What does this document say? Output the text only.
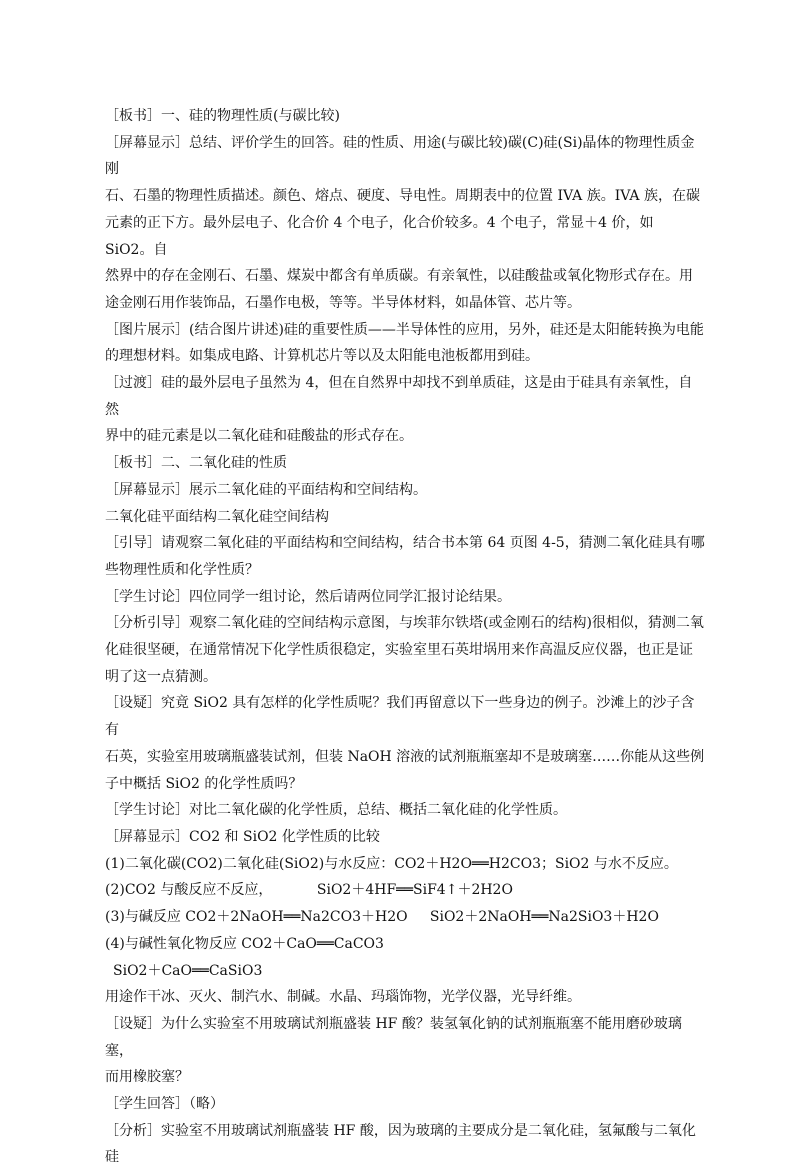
［板书］一、硅的物理性质(与碳比较)

［屏幕显示］总结、评价学生的回答。硅的性质、用途(与碳比较)碳(C)硅(Si)晶体的物理性质金刚

石、石墨的物理性质描述。颜色、熔点、硬度、导电性。周期表中的位置 IVA 族。IVA 族，在碳

元素的正下方。最外层电子、化合价 4 个电子，化合价较多。4 个电子，常显＋4 价，如 SiO2。自

然界中的存在金刚石、石墨、煤炭中都含有单质碳。有亲氧性，以硅酸盐或氧化物形式存在。用

途金刚石用作装饰品，石墨作电极，等等。半导体材料，如晶体管、芯片等。

［图片展示］(结合图片讲述)硅的重要性质——半导体性的应用，另外，硅还是太阳能转换为电能

的理想材料。如集成电路、计算机芯片等以及太阳能电池板都用到硅。

［过渡］硅的最外层电子虽然为 4，但在自然界中却找不到单质硅，这是由于硅具有亲氧性，自然

界中的硅元素是以二氧化硅和硅酸盐的形式存在。

［板书］二、二氧化硅的性质

［屏幕显示］展示二氧化硅的平面结构和空间结构。

二氧化硅平面结构二氧化硅空间结构

［引导］请观察二氧化硅的平面结构和空间结构，结合书本第 64 页图 4-5，猜测二氧化硅具有哪

些物理性质和化学性质？

［学生讨论］四位同学一组讨论，然后请两位同学汇报讨论结果。

［分析引导］观察二氧化硅的空间结构示意图，与埃菲尔铁塔(或金刚石的结构)很相似，猜测二氧

化硅很坚硬，在通常情况下化学性质很稳定，实验室里石英坩埚用来作高温反应仪器，也正是证

明了这一点猜测。

［设疑］究竟 SiO2 具有怎样的化学性质呢？我们再留意以下一些身边的例子。沙滩上的沙子含有

石英，实验室用玻璃瓶盛装试剂，但装 NaOH 溶液的试剂瓶瓶塞却不是玻璃塞……你能从这些例

子中概括 SiO2 的化学性质吗？

［学生讨论］对比二氧化碳的化学性质，总结、概括二氧化硅的化学性质。

［屏幕显示］CO2 和 SiO2 化学性质的比较

(1)二氧化碳(CO2)二氧化硅(SiO2)与水反应：CO2＋H2O══H2CO3；SiO2 与水不反应。

(2)CO2 与酸反应不反应，          SiO2＋4HF══SiF4↑＋2H2O

(3)与碱反应 CO2＋2NaOH══Na2CO3＋H2O     SiO2＋2NaOH══Na2SiO3＋H2O

(4)与碱性氧化物反应 CO2＋CaO══CaCO3

SiO2＋CaO══CaSiO3

用途作干冰、灭火、制汽水、制碱。水晶、玛瑙饰物，光学仪器，光导纤维。

［设疑］为什么实验室不用玻璃试剂瓶盛装 HF 酸？装氢氧化钠的试剂瓶瓶塞不能用磨砂玻璃塞，

而用橡胶塞？

［学生回答］（略）

［分析］实验室不用玻璃试剂瓶盛装 HF 酸，因为玻璃的主要成分是二氧化硅，氢氟酸与二氧化硅
